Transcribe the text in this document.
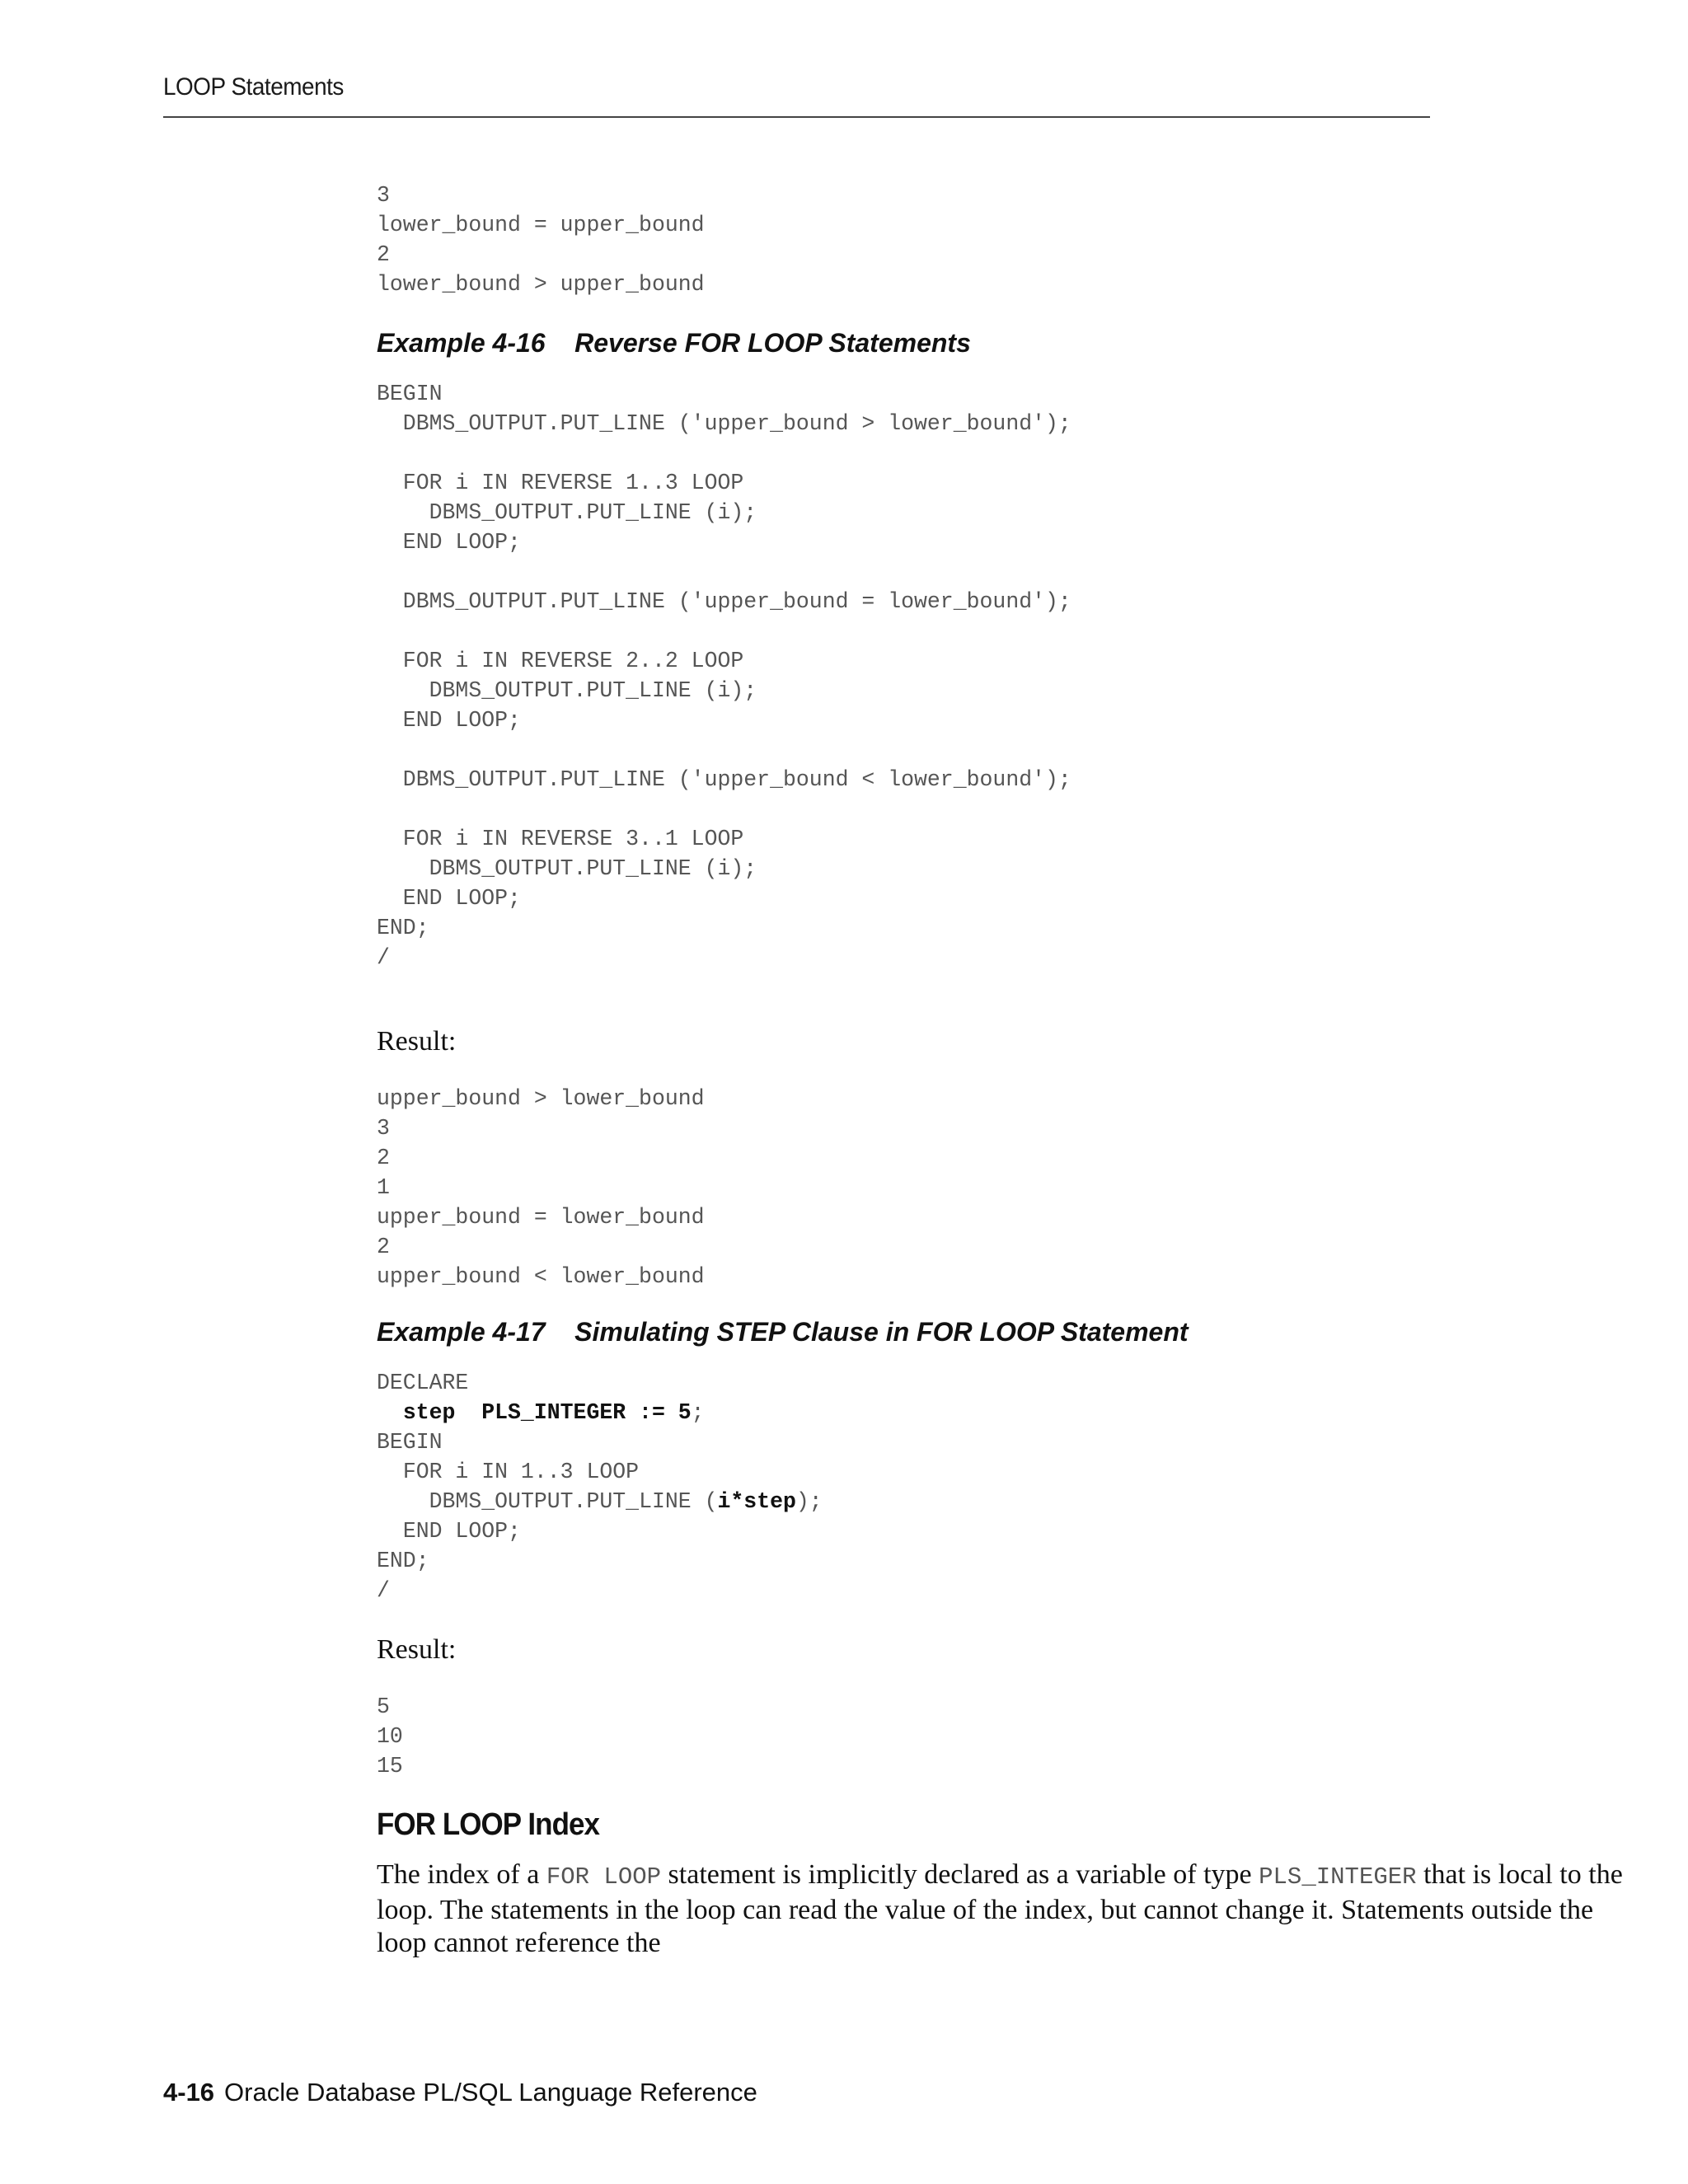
LOOP Statements
3
lower_bound = upper_bound
2
lower_bound > upper_bound
Example 4-16    Reverse FOR LOOP Statements
BEGIN
DBMS_OUTPUT.PUT_LINE ('upper_bound > lower_bound');

FOR i IN REVERSE 1..3 LOOP
DBMS_OUTPUT.PUT_LINE (i);
END LOOP;

DBMS_OUTPUT.PUT_LINE ('upper_bound = lower_bound');

FOR i IN REVERSE 2..2 LOOP
DBMS_OUTPUT.PUT_LINE (i);
END LOOP;

DBMS_OUTPUT.PUT_LINE ('upper_bound < lower_bound');

FOR i IN REVERSE 3..1 LOOP
DBMS_OUTPUT.PUT_LINE (i);
END LOOP;
END;
/
Result:
upper_bound > lower_bound
3
2
1
upper_bound = lower_bound
2
upper_bound < lower_bound
Example 4-17    Simulating STEP Clause in FOR LOOP Statement
DECLARE
step  PLS_INTEGER := 5;
BEGIN
FOR i IN 1..3 LOOP
DBMS_OUTPUT.PUT_LINE (i*step);
END LOOP;
END;
/
Result:
5
10
15
FOR LOOP Index
The index of a FOR LOOP statement is implicitly declared as a variable of type PLS_INTEGER that is local to the loop. The statements in the loop can read the value of the index, but cannot change it. Statements outside the loop cannot reference the
4-16 Oracle Database PL/SQL Language Reference
